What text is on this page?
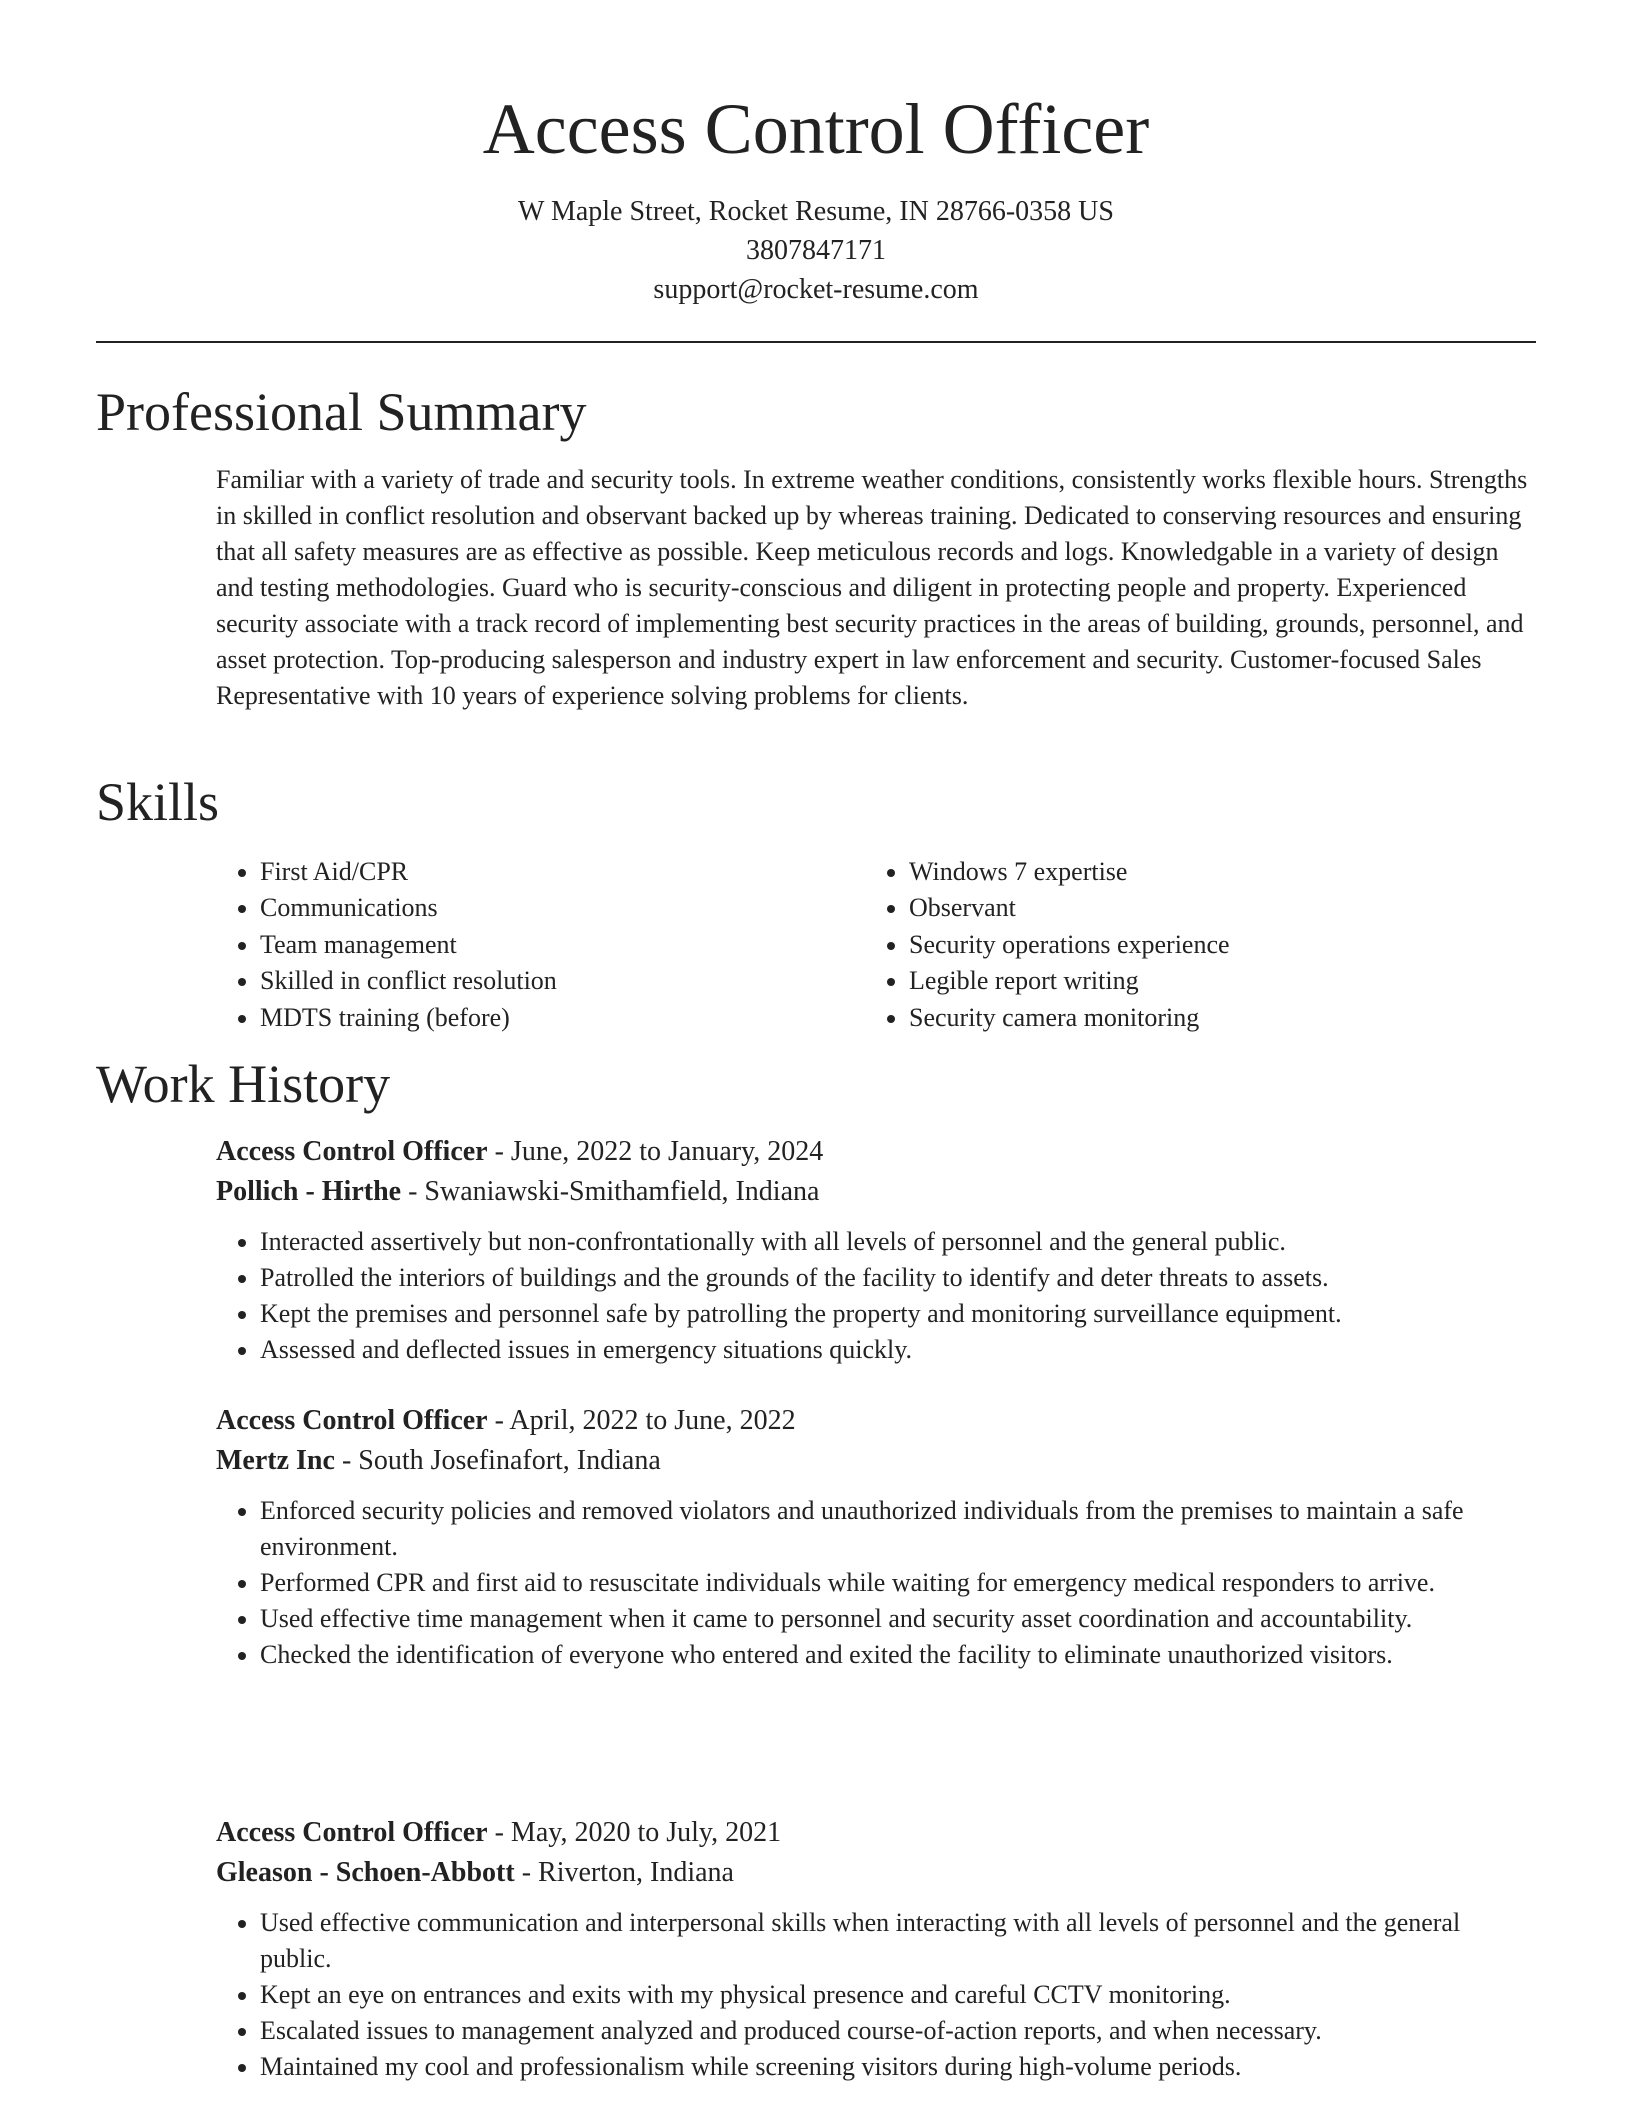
Access Control Officer
W Maple Street, Rocket Resume, IN 28766-0358 US
3807847171
support@rocket-resume.com
Professional Summary

Familiar with a variety of trade and security tools. In extreme weather conditions, consistently works flexible hours. Strengths in skilled in conflict resolution and observant backed up by whereas training. Dedicated to conserving resources and ensuring that all safety measures are as effective as possible. Keep meticulous records and logs. Knowledgable in a variety of design and testing methodologies. Guard who is security-conscious and diligent in protecting people and property. Experienced security associate with a track record of implementing best security practices in the areas of building, grounds, personnel, and asset protection. Top-producing salesperson and industry expert in law enforcement and security. Customer-focused Sales Representative with 10 years of experience solving problems for clients.

Skills
• First Aid/CPR
• Communications
• Team management
• Skilled in conflict resolution
• MDTS training (before)
• Windows 7 expertise
• Observant
• Security operations experience
• Legible report writing
• Security camera monitoring
Work History
Access Control Officer - June, 2022 to January, 2024
Pollich - Hirthe - Swaniawski-Smithamfield, Indiana
• Interacted assertively but non-confrontationally with all levels of personnel and the general public.
• Patrolled the interiors of buildings and the grounds of the facility to identify and deter threats to assets.
• Kept the premises and personnel safe by patrolling the property and monitoring surveillance equipment.
• Assessed and deflected issues in emergency situations quickly.
Access Control Officer - April, 2022 to June, 2022
Mertz Inc - South Josefinafort, Indiana
• Enforced security policies and removed violators and unauthorized individuals from the premises to maintain a safe environment.
• Performed CPR and first aid to resuscitate individuals while waiting for emergency medical responders to arrive.
• Used effective time management when it came to personnel and security asset coordination and accountability.
• Checked the identification of everyone who entered and exited the facility to eliminate unauthorized visitors.
Access Control Officer - May, 2020 to July, 2021
Gleason - Schoen-Abbott - Riverton, Indiana
• Used effective communication and interpersonal skills when interacting with all levels of personnel and the general public.
• Kept an eye on entrances and exits with my physical presence and careful CCTV monitoring.
• Escalated issues to management analyzed and produced course-of-action reports, and when necessary.
• Maintained my cool and professionalism while screening visitors during high-volume periods.
